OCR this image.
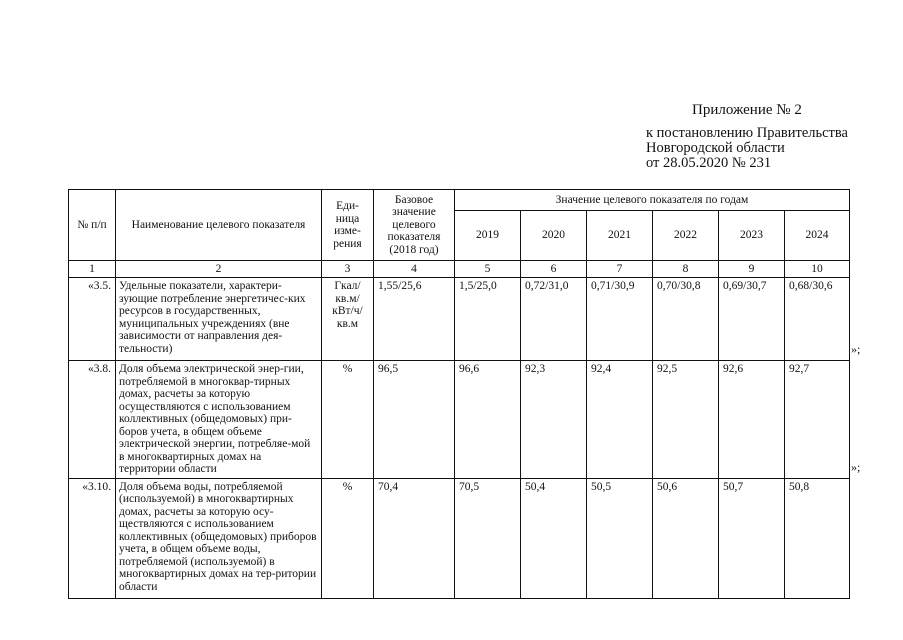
Приложение № 2
к постановлению Правительства
Новгородской области
от 28.05.2020 № 231
№ п/п	Наименование целевого показателя	Еди-ница изме-рения	Базовое значение целевого показателя (2018 год)	Значение целевого показателя по годам					
				2019	2020	2021	2022	2023	2024
1	2	3	4	5	6	7	8	9	10
«3.5.	Удельные показатели, характери-зующие потребление энергетичес-ких ресурсов в государственных, муниципальных учреждениях (вне зависимости от направления дея-тельности)	Гкал/ кв.м/ кВт/ч/ кв.м	1,55/25,6	1,5/25,0	0,72/31,0	0,71/30,9	0,70/30,8	0,69/30,7	0,68/30,6
«3.8.	Доля объема электрической энер-гии, потребляемой в многоквар-тирных домах, расчеты за которую осуществляются с использованием коллективных (общедомовых) при-боров учета, в общем объеме электрической энергии, потребляе-мой в многоквартирных домах на территории области	%	96,5	96,6	92,3	92,4	92,5	92,6	92,7
«3.10.	Доля объема воды, потребляемой (используемой) в многоквартирных домах, расчеты за которую осу-ществляются с использованием коллективных (общедомовых) приборов учета, в общем объеме воды, потребляемой (используемой) в многоквартирных домах на тер-ритории области	%	70,4	70,5	50,4	50,5	50,6	50,7	50,8
»;
»;
